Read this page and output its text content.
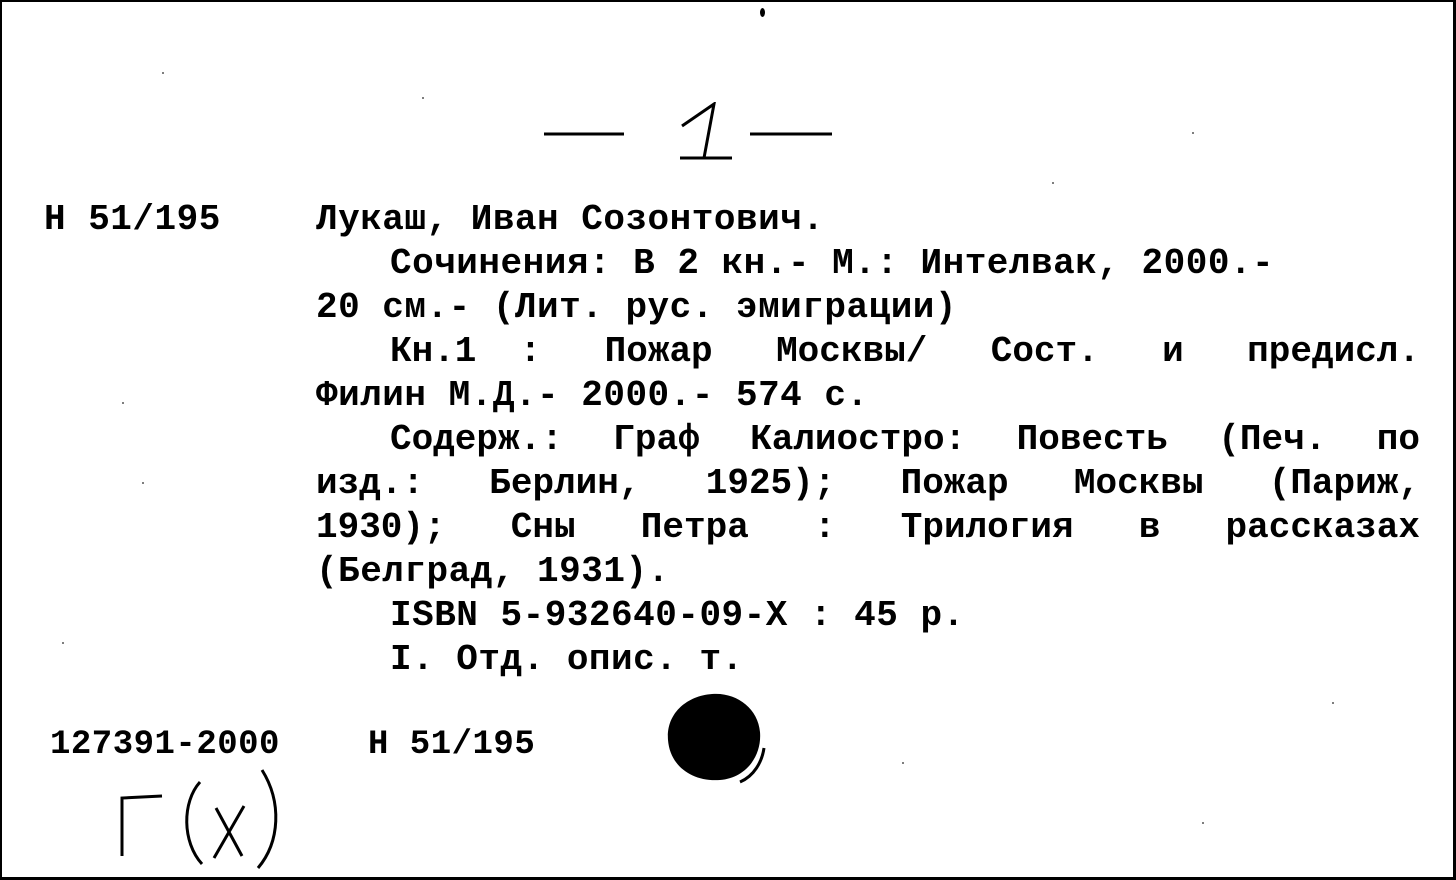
Н 51/195	Лукаш, Иван Созонтович.
Сочинения: В 2 кн.- М.: Интелвак, 2000.-
20 см.- (Лит. рус. эмиграции)
Кн.1  : Пожар Москвы/ Сост. и предисл.
Филин М.Д.- 2000.- 574 с.
Содерж.: Граф Калиостро: Повесть (Печ. по
изд.: Берлин, 1925); Пожар Москвы (Париж,
1930); Сны Петра : Трилогия в рассказах
(Белград, 1931).
ISBN 5-932640-09-X : 45 р.
I. Отд. опис. т.
127391-2000	Н 51/195
